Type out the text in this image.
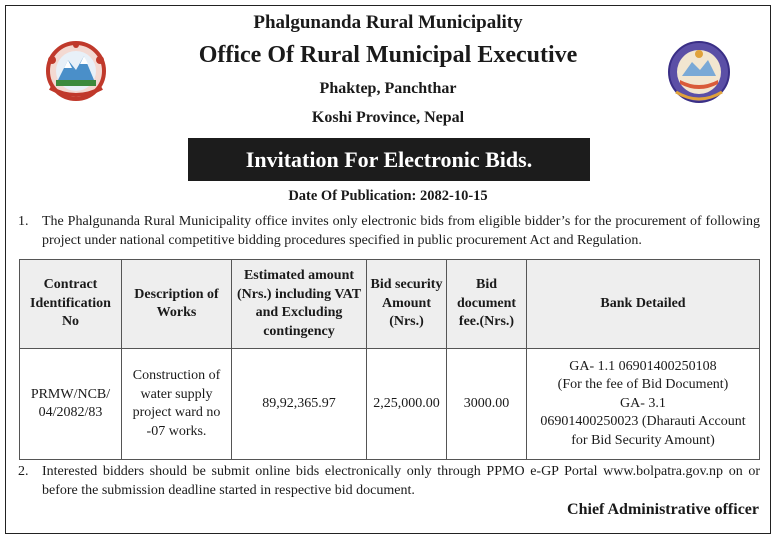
Phalgunanda Rural Municipality
Office Of Rural Municipal Executive
Phaktep, Panchthar
Koshi Province, Nepal
Invitation For Electronic Bids.
Date Of Publication: 2082-10-15
1. The Phalgunanda Rural Municipality office invites only electronic bids from eligible bidder’s for the procurement of following project under national competitive bidding procedures specified in public procurement Act and Regulation.
Contract Identification No	Description of Works	Estimated amount (Nrs.) including VAT and Excluding contingency	Bid security Amount (Nrs.)	Bid document fee.(Nrs.)	Bank Detailed
PRMW/NCB/ 04/2082/83	Construction of water supply project ward no -07 works.	89,92,365.97	2,25,000.00	3000.00	GA- 1.1 06901400250108
(For the fee of Bid Document)
GA- 3.1
06901400250023 (Dharauti Account
for Bid Security Amount)
2. Interested bidders should be submit online bids electronically only through PPMO e-GP Portal www.bolpatra.gov.np on or before the submission deadline started in respective bid document.
Chief Administrative officer
